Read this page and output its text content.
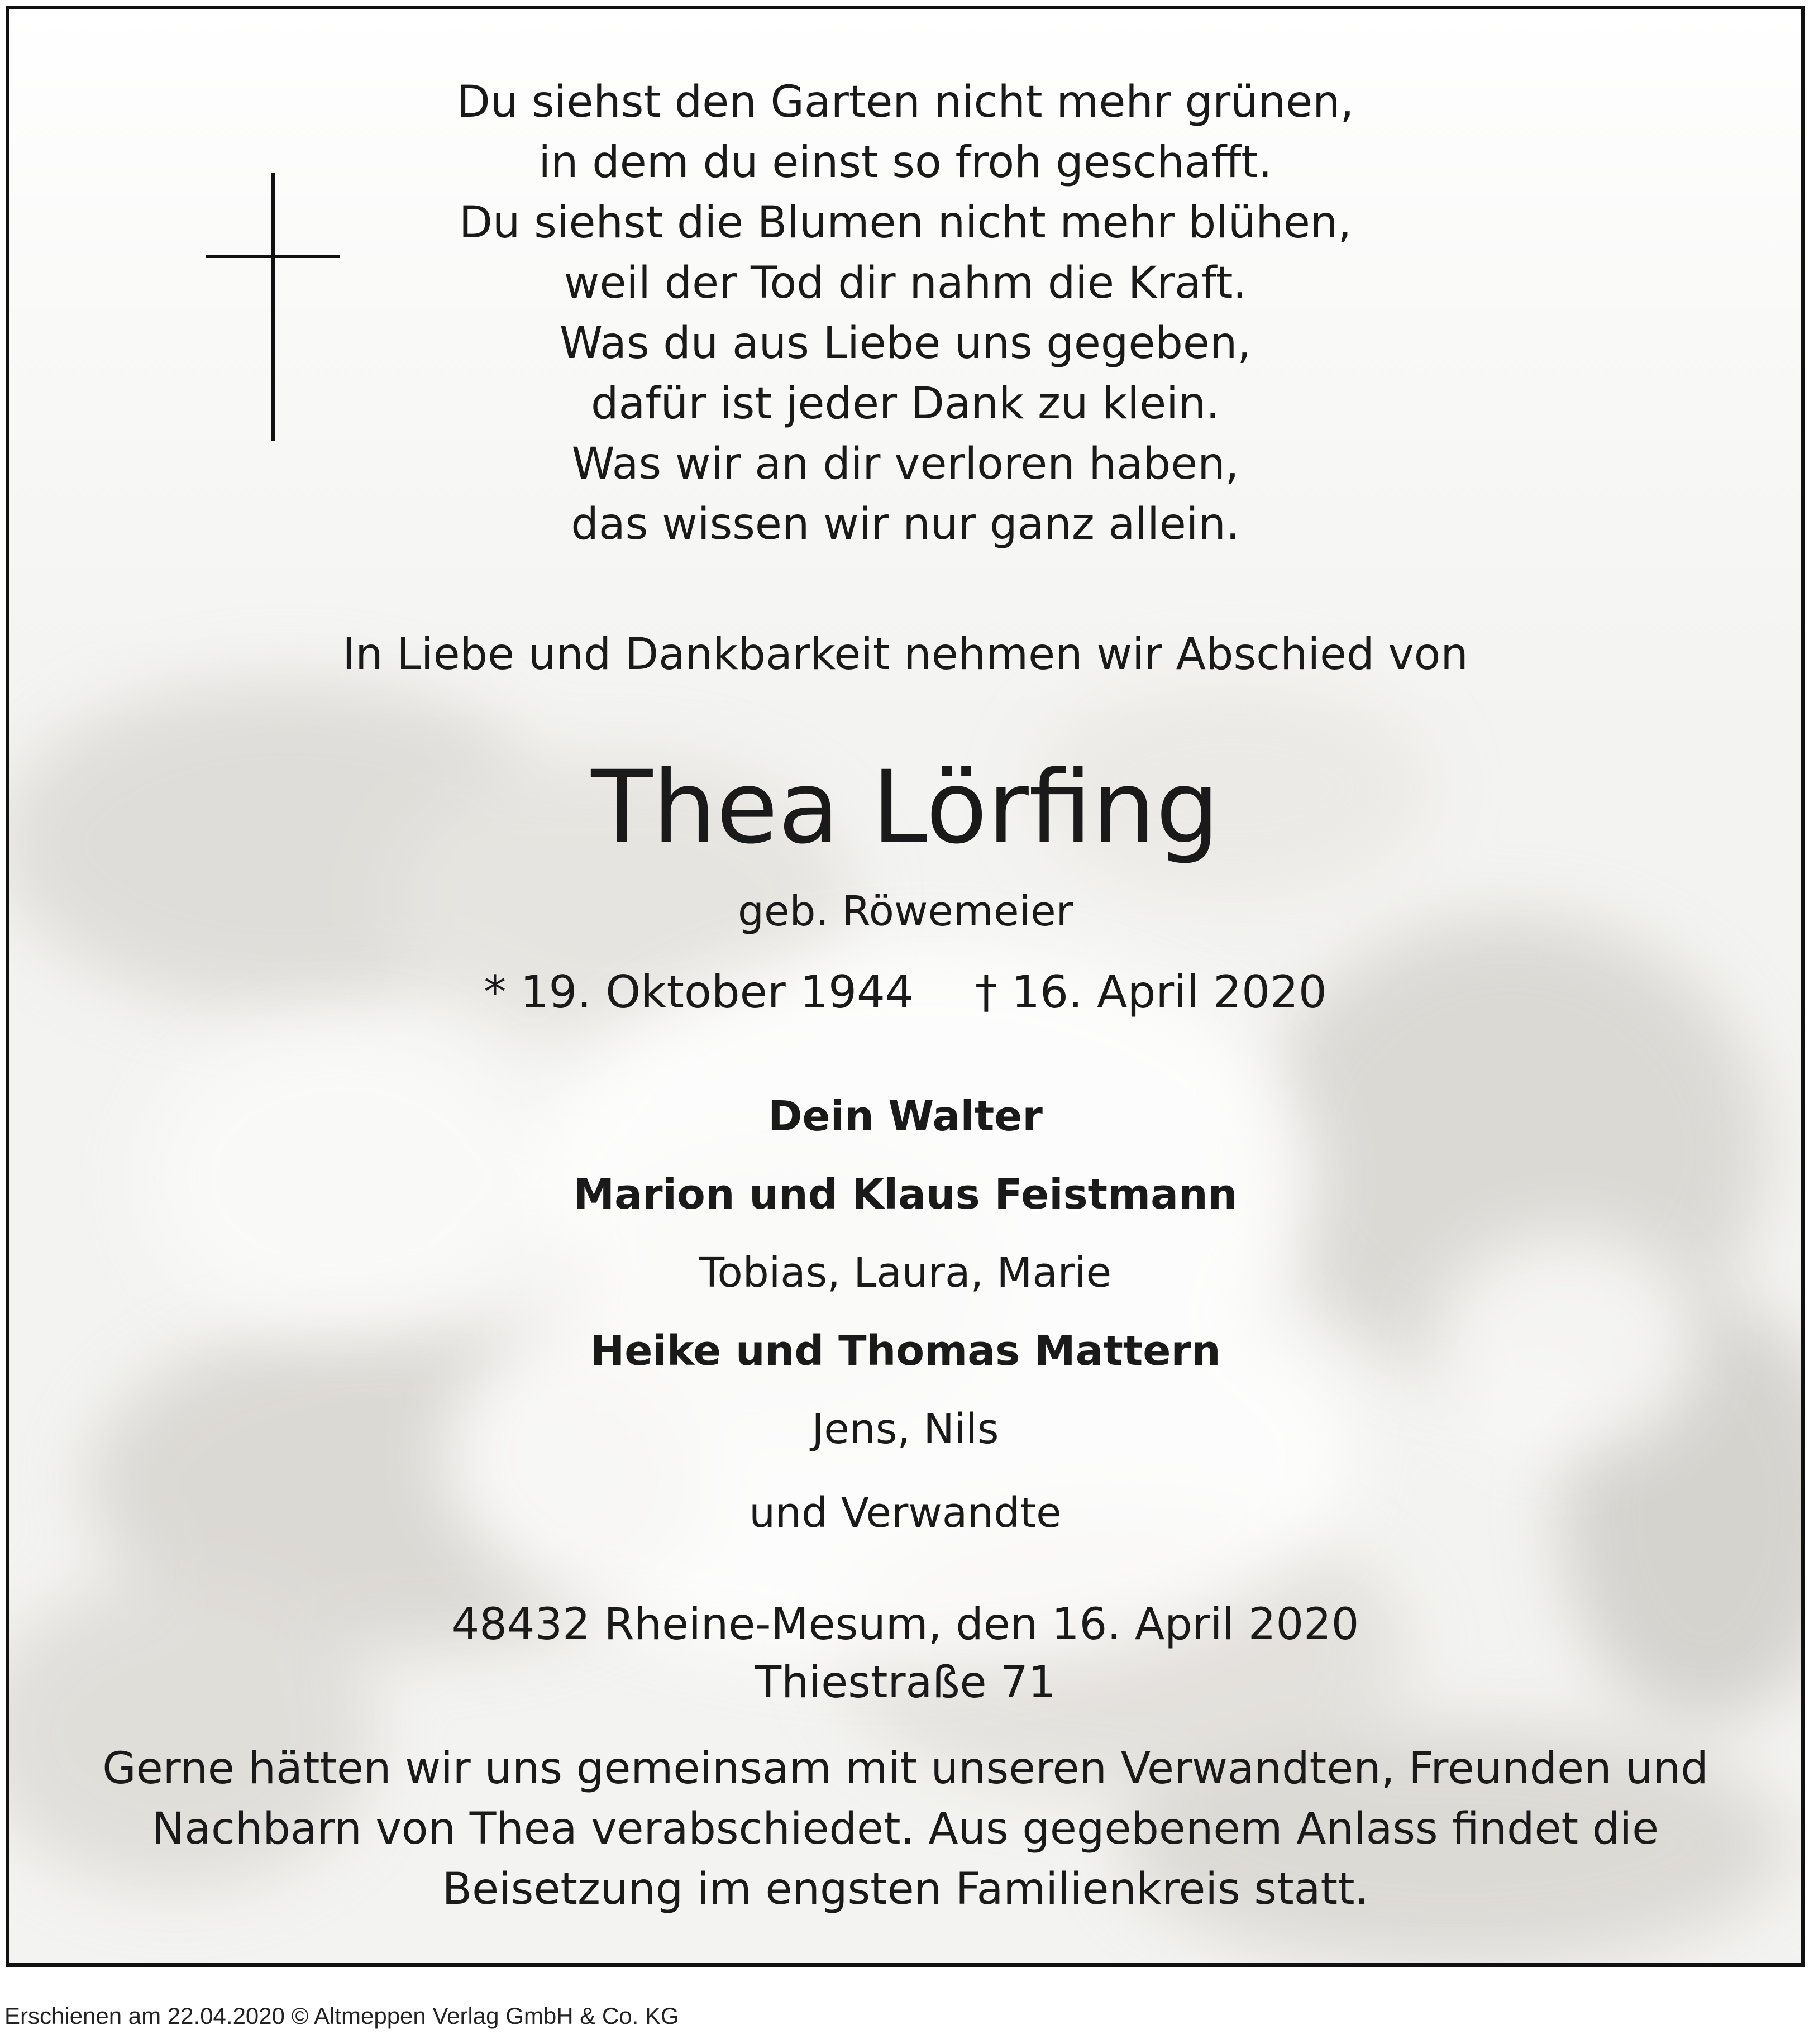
Du siehst den Garten nicht mehr grünen,
in dem du einst so froh geschafft.
Du siehst die Blumen nicht mehr blühen,
weil der Tod dir nahm die Kraft.
Was du aus Liebe uns gegeben,
dafür ist jeder Dank zu klein.
Was wir an dir verloren haben,
das wissen wir nur ganz allein.
In Liebe und Dankbarkeit nehmen wir Abschied von
Thea Lörfing
geb. Röwemeier
* 19. Oktober 1944 † 16. April 2020
Dein Walter
Marion und Klaus Feistmann
Tobias, Laura, Marie
Heike und Thomas Mattern
Jens, Nils
und Verwandte
48432 Rheine-Mesum, den 16. April 2020
Thiestraße 71
Gerne hätten wir uns gemeinsam mit unseren Verwandten, Freunden und
Nachbarn von Thea verabschiedet. Aus gegebenem Anlass findet die
Beisetzung im engsten Familienkreis statt.
Erschienen am 22.04.2020 © Altmeppen Verlag GmbH & Co. KG
